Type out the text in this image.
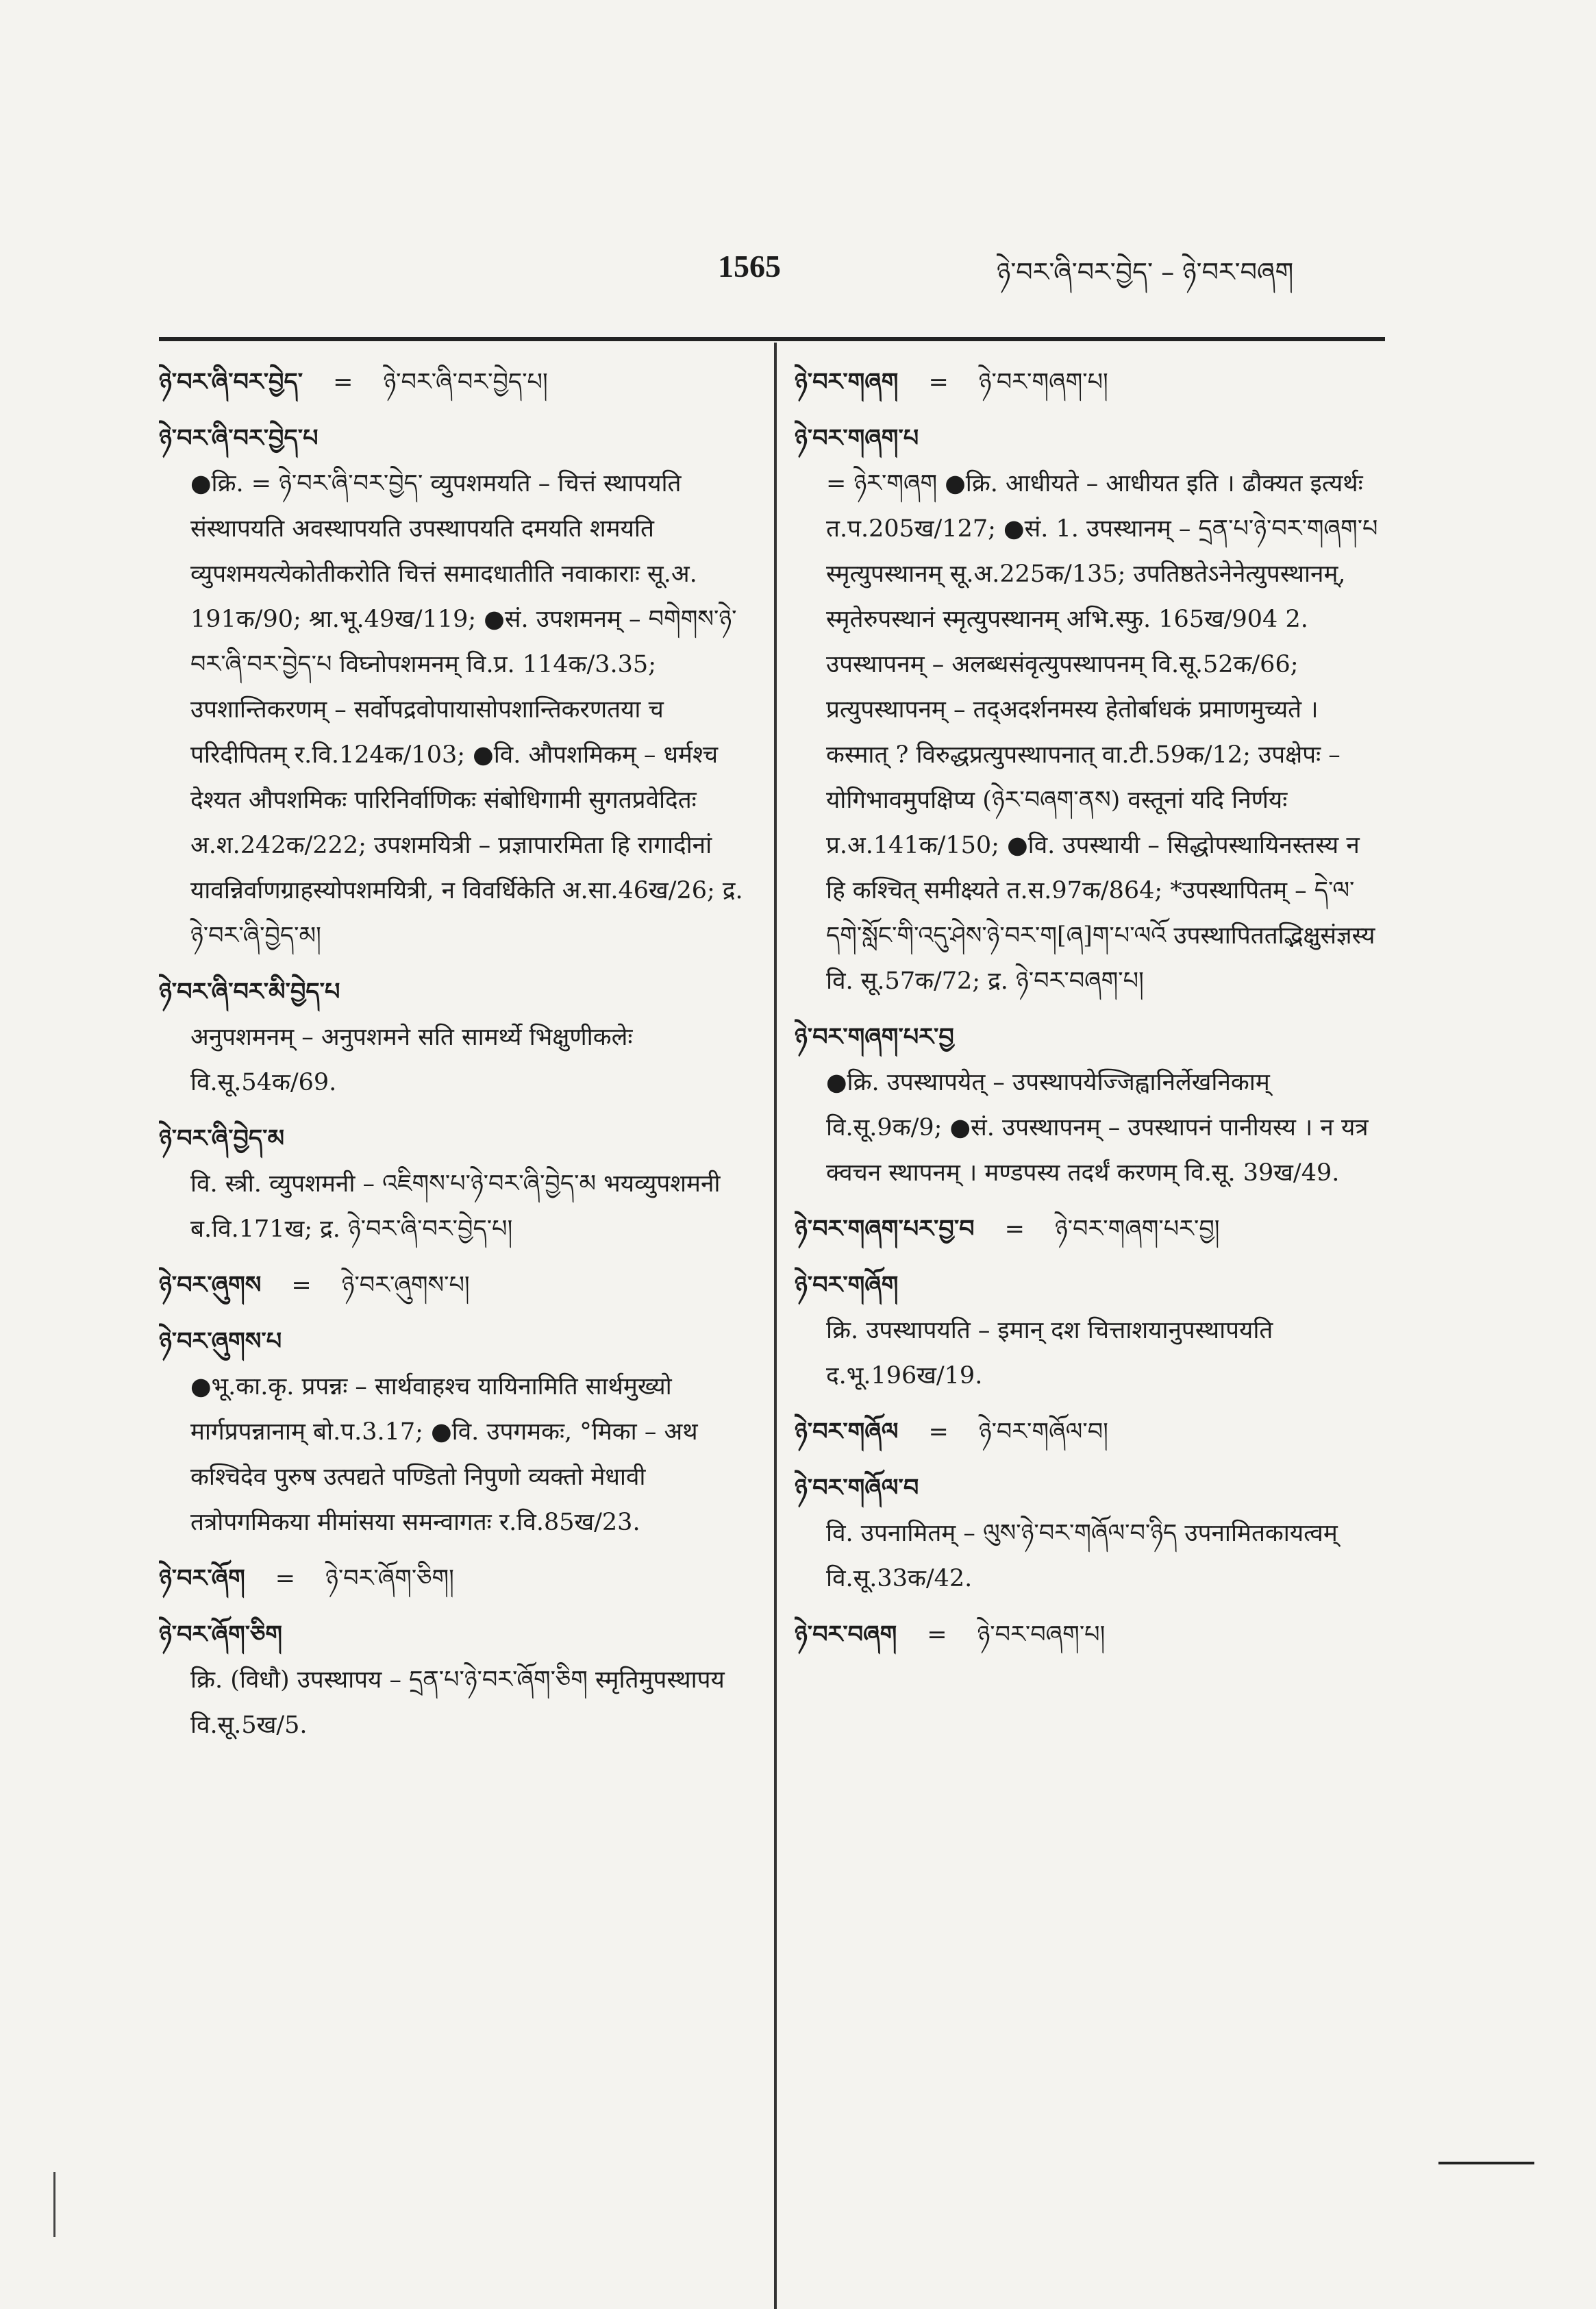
1565	ཉེ་བར་ཞི་བར་བྱེད་ – ཉེ་བར་བཞག
ཉེ་བར་ཞི་བར་བྱེད་	=	ཉེ་བར་ཞི་བར་བྱེད་པ།
ཉེ་བར་ཞི་བར་བྱེད་པ
●क्रि. = ཉེ་བར་ཞི་བར་བྱེད་ व्युपशमयति – चित्तं स्थापयति संस्थापयति अवस्थापयति उपस्थापयति दमयति शमयति व्युपशमयत्येकोतीकरोति चित्तं समादधातीति नवाकाराः सू.अ. 191क/90; श्रा.भू.49ख/119; ●सं. उपशमनम् – བགེགས་ཉེ་བར་ཞི་བར་བྱེད་པ विघ्नोपशमनम् वि.प्र. 114क/3.35; उपशान्तिकरणम् – सर्वोपद्रवोपायासोपशान्तिकरणतया च परिदीपितम् र.वि.124क/103; ●वि. औपशमिकम् – धर्मश्च देश्यत औपशमिकः पारिनिर्वाणिकः संबोधिगामी सुगतप्रवेदितः अ.श.242क/222; उपशमयित्री – प्रज्ञापारमिता हि रागादीनां यावन्निर्वाणग्राहस्योपशमयित्री, न विवर्धिकेति अ.सा.46ख/26; द्र. ཉེ་བར་ཞི་བྱེད་མ།
ཉེ་བར་ཞི་བར་མི་བྱེད་པ
अनुपशमनम् – अनुपशमने सति सामर्थ्ये भिक्षुणीकलेः वि.सू.54क/69.
ཉེ་བར་ཞི་བྱེད་མ
वि. स्त्री. व्युपशमनी – འཇིགས་པ་ཉེ་བར་ཞི་བྱེད་མ भयव्युपशमनी ब.वि.171ख; द्र. ཉེ་བར་ཞི་བར་བྱེད་པ།
ཉེ་བར་ཞུགས	=	ཉེ་བར་ཞུགས་པ།
ཉེ་བར་ཞུགས་པ
●भू.का.कृ. प्रपन्नः – सार्थवाहश्च यायिनामिति सार्थमुख्यो मार्गप्रपन्नानाम् बो.प.3.17; ●वि. उपगमकः, °मिका – अथ कश्चिदेव पुरुष उत्पद्यते पण्डितो निपुणो व्यक्तो मेधावी तत्रोपगमिकया मीमांसया समन्वागतः र.वि.85ख/23.
ཉེ་བར་ཞོག	=	ཉེ་བར་ཞོག་ཅིག།
ཉེ་བར་ཞོག་ཅིག
क्रि. (विधौ) उपस्थापय – དྲན་པ་ཉེ་བར་ཞོག་ཅིག स्मृतिमुपस्थापय वि.सू.5ख/5.
ཉེ་བར་གཞག	=	ཉེ་བར་གཞག་པ།
ཉེ་བར་གཞག་པ
= ཉེར་གཞག ●क्रि. आधीयते – आधीयत इति । ढौक्यत इत्यर्थः त.प.205ख/127; ●सं. 1. उपस्थानम् – དྲན་པ་ཉེ་བར་གཞག་པ स्मृत्युपस्थानम् सू.अ.225क/135; उपतिष्ठतेऽनेनेत्युपस्थानम्, स्मृतेरुपस्थानं स्मृत्युपस्थानम् अभि.स्फु. 165ख/904 2. उपस्थापनम् – अलब्धसंवृत्युपस्थापनम् वि.सू.52क/66; प्रत्युपस्थापनम् – तद्‌अदर्शनमस्य हेतोर्बाधकं प्रमाणमुच्यते । कस्मात् ? विरुद्धप्रत्युपस्थापनात् वा.टी.59क/12; उपक्षेपः – योगिभावमुपक्षिप्य (ཉེར་བཞག་ནས) वस्तूनां यदि निर्णयः प्र.अ.141क/150; ●वि. उपस्थायी – सिद्धोपस्थायिनस्तस्य न हि कश्चित् समीक्ष्यते त.स.97क/864; *उपस्थापितम् – དེ་ལ་དགེ་སློང་གི་འདུ་ཤེས་ཉེ་བར་ག[ཞ]ག་པ་ལའོ उपस्थापिततद्भिक्षुसंज्ञस्य वि. सू.57क/72; द्र. ཉེ་བར་བཞག་པ།
ཉེ་བར་གཞག་པར་བྱ
●क्रि. उपस्थापयेत् – उपस्थापयेज्जिह्वानिर्लेखनिकाम् वि.सू.9क/9; ●सं. उपस्थापनम् – उपस्थापनं पानीयस्य । न यत्र क्वचन स्थापनम् । मण्डपस्य तदर्थं करणम् वि.सू. 39ख/49.
ཉེ་བར་གཞག་པར་བྱ་བ	=	ཉེ་བར་གཞག་པར་བྱ།
ཉེ་བར་གཞོག
क्रि. उपस्थापयति – इमान् दश चित्ताशयानुपस्थापयति द.भू.196ख/19.
ཉེ་བར་གཞོལ	=	ཉེ་བར་གཞོལ་བ།
ཉེ་བར་གཞོལ་བ
वि. उपनामितम् – ལུས་ཉེ་བར་གཞོལ་བ་ཉིད उपनामितकायत्वम् वि.सू.33क/42.
ཉེ་བར་བཞག	=	ཉེ་བར་བཞག་པ།
